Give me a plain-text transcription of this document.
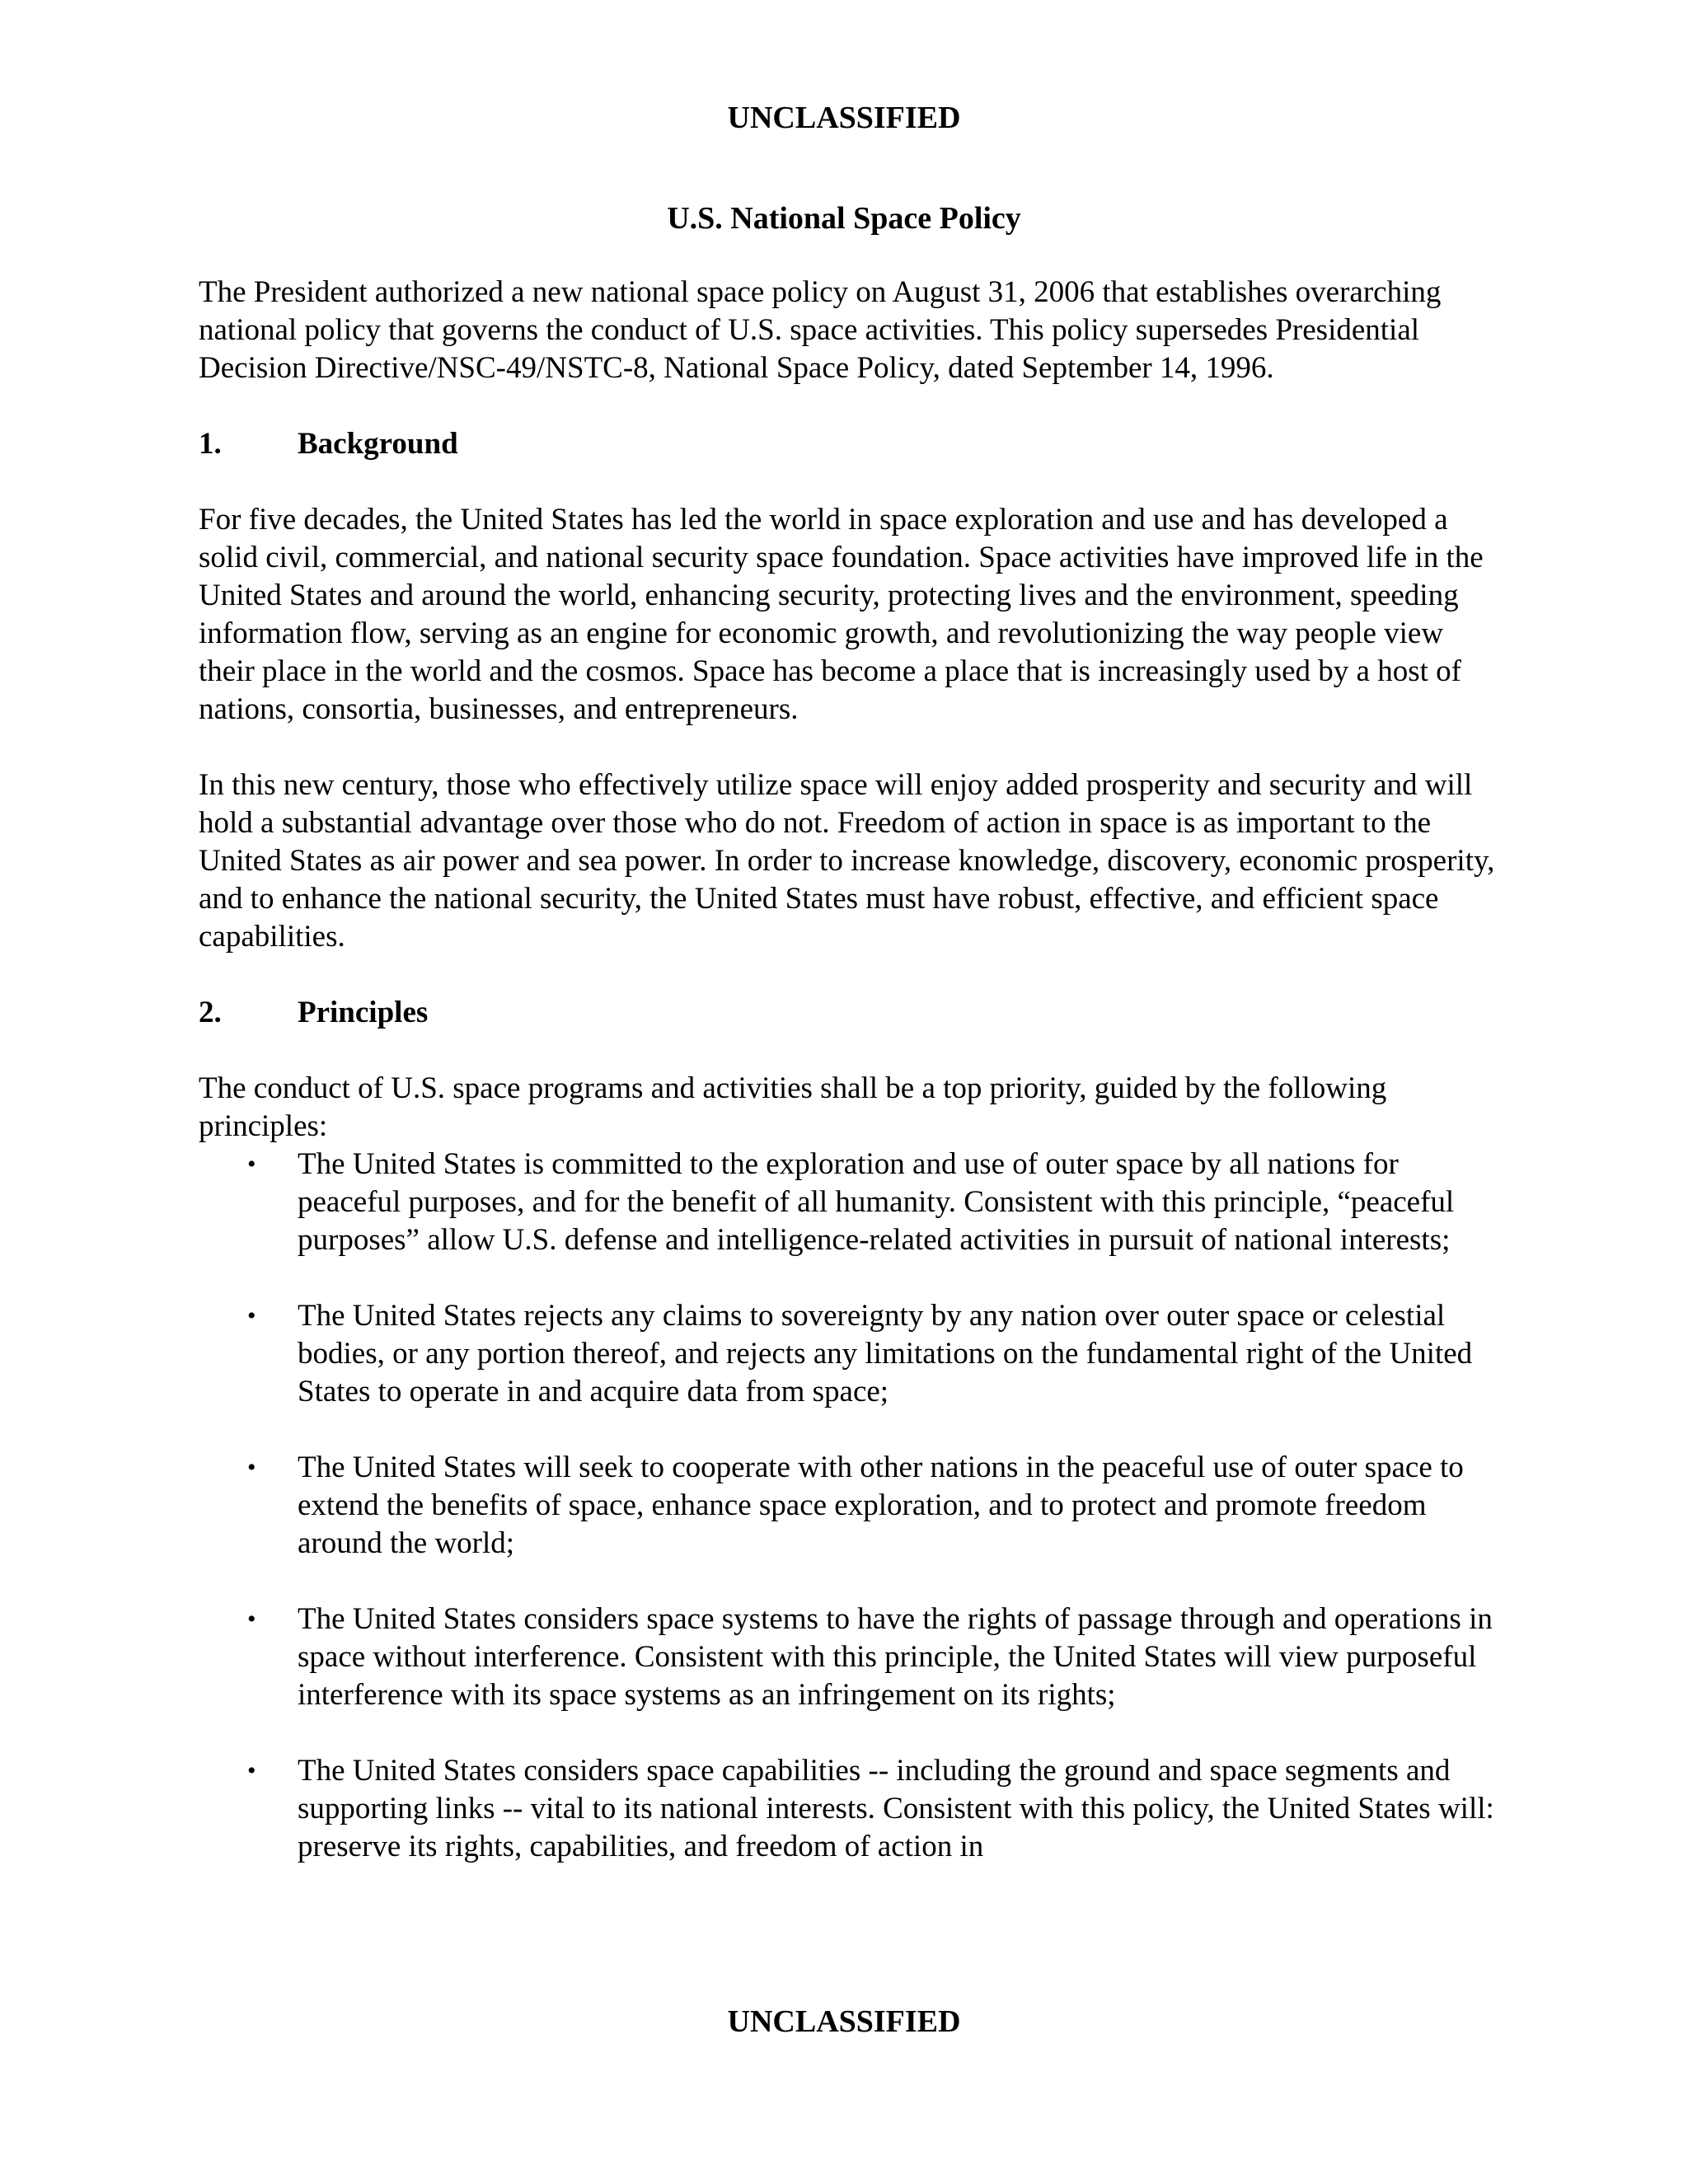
UNCLASSIFIED
U.S. National Space Policy

The President authorized a new national space policy on August 31, 2006 that establishes overarching national policy that governs the conduct of U.S. space activities. This policy supersedes Presidential Decision Directive/NSC-49/NSTC-8, National Space Policy, dated September 14, 1996.

1.	Background

For five decades, the United States has led the world in space exploration and use and has developed a solid civil, commercial, and national security space foundation. Space activities have improved life in the United States and around the world, enhancing security, protecting lives and the environment, speeding information flow, serving as an engine for economic growth, and revolutionizing the way people view their place in the world and the cosmos. Space has become a place that is increasingly used by a host of nations, consortia, businesses, and entrepreneurs.

In this new century, those who effectively utilize space will enjoy added prosperity and security and will hold a substantial advantage over those who do not. Freedom of action in space is as important to the United States as air power and sea power. In order to increase knowledge, discovery, economic prosperity, and to enhance the national security, the United States must have robust, effective, and efficient space capabilities.

2.	Principles

The conduct of U.S. space programs and activities shall be a top priority, guided by the following principles:

•	The United States is committed to the exploration and use of outer space by all nations for peaceful purposes, and for the benefit of all humanity. Consistent with this principle, “peaceful purposes” allow U.S. defense and intelligence-related activities in pursuit of national interests;
•	The United States rejects any claims to sovereignty by any nation over outer space or celestial bodies, or any portion thereof, and rejects any limitations on the fundamental right of the United States to operate in and acquire data from space;
•	The United States will seek to cooperate with other nations in the peaceful use of outer space to extend the benefits of space, enhance space exploration, and to protect and promote freedom around the world;
•	The United States considers space systems to have the rights of passage through and operations in space without interference. Consistent with this principle, the United States will view purposeful interference with its space systems as an infringement on its rights;
•	The United States considers space capabilities -- including the ground and space segments and supporting links -- vital to its national interests. Consistent with this policy, the United States will: preserve its rights, capabilities, and freedom of action in
UNCLASSIFIED
